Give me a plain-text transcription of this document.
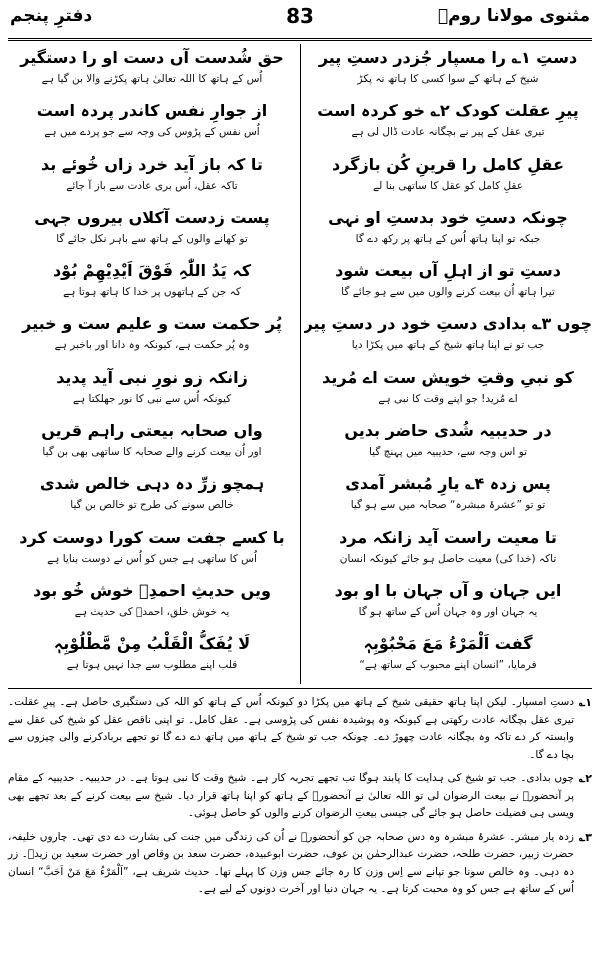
مثنوی مولانا رومؒ
83
دفترِ پنجم
دستِ ۱؎ را مسپار جُزدر دستِ پیر
شیخ کے ہاتھ کے سوا کسی کا ہاتھ نہ پکڑ
پیرِ عقلت کودک ۲؎ خو کردہ است
تیری عقل کے پیر نے بچگانہ عادت ڈال لی ہے
عقلِ کامل را قرینِ کُن بازگرد
عقلِ کامل کو عقل کا ساتھی بنا لے
چونکہ دستِ خود بدستِ او نہی
جبکہ تو اپنا ہاتھ اُس کے ہاتھ پر رکھ دے گا
دستِ تو از اہلِ آں بیعت شود
تیرا ہاتھ اُن بیعت کرنے والوں میں سے ہو جائے گا
چوں ۳؎ بدادی دستِ خود در دستِ پیر
جب تو نے اپنا ہاتھ شیخ کے ہاتھ میں پکڑا دیا
کو نبیِ وقتِ خویش ست اے مُرید
اے مُرید! جو اپنے وقت کا نبی ہے
در حدیبیہ شُدی حاضر بدیں
تو اس وجہ سے، حدیبیہ میں پہنچ گیا
پس زدہ ۴؎ یارِ مُبشر آمدی
تو تو ”عشرۂ مبشرہ“ صحابہ میں سے ہو گیا
تا معیت راست آید زانکہ مرد
تاکہ (خدا کی) معیت حاصل ہو جائے کیونکہ انسان
ایں جہان و آں جہان با او بود
یہ جہان اور وہ جہان اُس کے ساتھ ہو گا
گفت اَلْمَرْءُ مَعَ مَحْبُوْبِہٖ
فرمایا، ”انسان اپنے محبوب کے ساتھ ہے“
حق شُدست آں دست او را دستگیر
اُس کے ہاتھ کا اللہ تعالیٰ ہاتھ پکڑنے والا بن گیا ہے
از جوارِ نفس کاندر پردہ است
اُس نفس کے پڑوس کی وجہ سے جو پردے میں ہے
تا کہ باز آید خرد زاں خُوئے بد
تاکہ عقل، اُس بری عادت سے باز آ جائے
پست زدست آکلاں بیروں جہی
تو کھانے والوں کے ہاتھ سے باہر نکل جائے گا
کہ یَدُ اللّٰہِ فَوْقَ اَیْدِیْھِمْ بُوْد
کہ جن کے ہاتھوں پر خدا کا ہاتھ ہوتا ہے
پُر حکمت ست و علیم ست و خبیر
وہ پُر حکمت ہے، کیونکہ وہ دانا اور باخبر ہے
زانکہ زو نورِ نبی آید پدید
کیونکہ اُس سے نبی کا نور جھلکتا ہے
واں صحابہ بیعتی راہم قریں
اور اُن بیعت کرنے والے صحابہ کا ساتھی بھی بن گیا
ہمچو زرِّ دہ دہی خالص شدی
خالص سونے کی طرح تو خالص بن گیا
با کسے جفت ست کورا دوست کرد
اُس کا ساتھی ہے جس کو اُس نے دوست بنایا ہے
ویں حدیثِ احمدِؐ خوش خُو بود
یہ خوش خلق، احمدؐ کی حدیث ہے
لَا یُفَکُّ الْقَلْبُ مِنْ مَّطْلُوْبِہٖ
قلب اپنے مطلوب سے جدا نہیں ہوتا ہے
۱؎
دستِ امسپار۔ لیکن اپنا ہاتھ حقیقی شیخ کے ہاتھ میں پکڑا دو کیونکہ اُس کے ہاتھ کو اللہ کی دستگیری حاصل ہے۔ پیرِ عقلت۔ تیری عقل بچگانہ عادت رکھتی ہے کیونکہ وہ پوشیدہ نفس کی پڑوسی ہے۔ عقل کامل۔ تو اپنی ناقص عقل کو شیخ کی عقل سے وابستہ کر دے تاکہ وہ بچگانہ عادت چھوڑ دے۔ چونکہ جب تو شیخ کے ہاتھ میں ہاتھ دے دے گا تو تجھے بربادکرنے والی چیزوں سے بچا دے گا۔
۲؎
چوں بدادی۔ جب تو شیخ کی ہدایت کا پابند ہوگا تب تجھے تجربہ کار ہے۔ شیخ وقت کا نبی ہوتا ہے۔ در حدیبیہ۔ حدیبیہ کے مقام پر آنحضورؐ نے بیعت الرضوان لی تو اللہ تعالیٰ نے آنحضورؐ کے ہاتھ کو اپنا ہاتھ قرار دیا۔ شیخ سے بیعت کرنے کے بعد تجھے بھی ویسی ہی فضیلت حاصل ہو جائے گی جیسی بیعتِ الرضوان کرنے والوں کو حاصل ہوئی۔
۳؎
زدہ یار مبشر۔ عشرۂ مبشرہ وہ دس صحابہ جن کو آنحضورؐ نے اُن کی زندگی میں جنت کی بشارت دے دی تھی۔ چاروں خلیفہ، حضرت زبیر، حضرت طلحہ، حضرت عبدالرحمٰن بن عوف، حضرت ابوعبیدہ، حضرت سعد بن وقاص اور حضرت سعید بن زیدؓ۔ زر دہ دہی۔ وہ خالص سونا جو تپانے سے اِس وزن کا رہ جائے جس وزن کا پہلے تھا۔ حدیث شریف ہے، ”اَلْمَرْءُ مَعَ مَنْ اَحَبَّ“ انسان اُس کے ساتھ ہے جس کو وہ محبت کرتا ہے۔ یہ جہان دنیا اور آخرت دونوں کے لیے ہے۔
